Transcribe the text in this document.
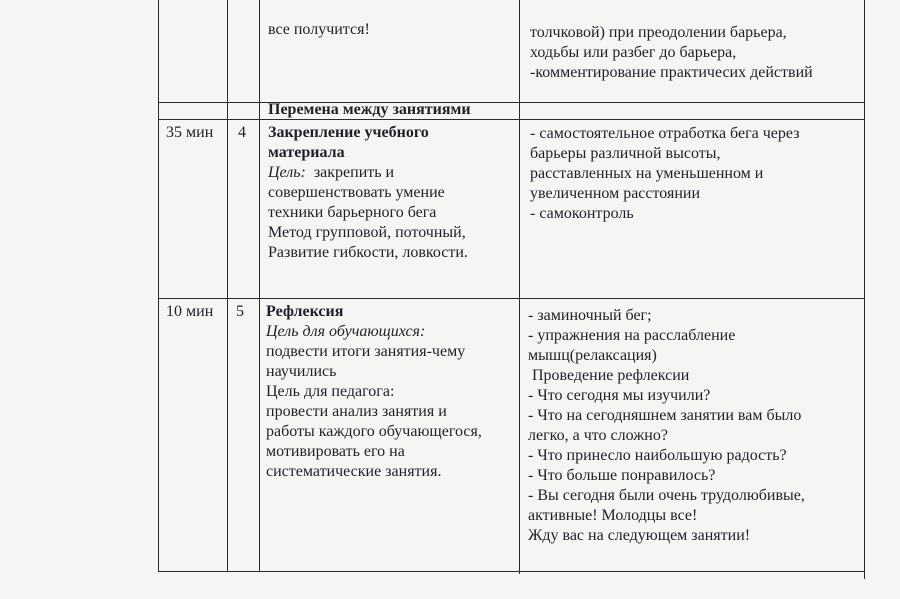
все получится!	толчковой) при преодолении барьера,
ходьбы или разбег до барьера,
-комментирование практичесих действий
Перемена между занятиями
35 мин 4 Закрепление учебного
материала
Цель: закрепить и
совершенствовать умение
техники барьерного бега
Метод групповой, поточный,
Развитие гибкости, ловкости.
- самостоятельное отработка бега через
барьеры различной высоты,
расставленных на уменьшенном и
увеличенном расстоянии
- самоконтроль
10 мин 5 Рефлексия
Цель для обучающихся:
подвести итоги занятия-чему
научились
Цель для педагога:
провести анализ занятия и
работы каждого обучающегося,
мотивировать его на
систематические занятия.
- заминочный бег;
- упражнения на расслабление
мышц(релаксация)
Проведение рефлексии
- Что сегодня мы изучили?
- Что на сегодняшнем занятии вам было
легко, а что сложно?
- Что принесло наибольшую радость?
- Что больше понравилось?
- Вы сегодня были очень трудолюбивые,
активные! Молодцы все!
Жду вас на следующем занятии!
